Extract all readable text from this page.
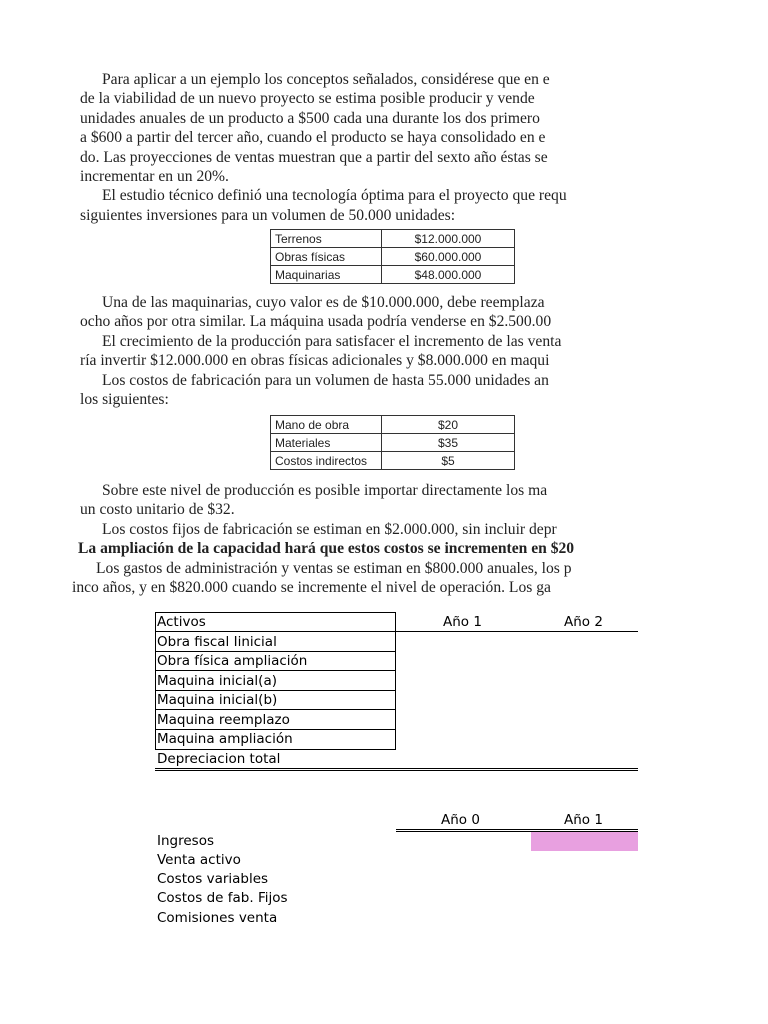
Para aplicar a un ejemplo los conceptos señalados, considérese que en e
de la viabilidad de un nuevo proyecto se estima posible producir y vende
unidades anuales de un producto a $500 cada una durante los dos primero
a $600 a partir del tercer año, cuando el producto se haya consolidado en e
do. Las proyecciones de ventas muestran que a partir del sexto año éstas se
incrementar en un 20%.
El estudio técnico definió una tecnología óptima para el proyecto que requ
siguientes inversiones para un volumen de 50.000 unidades:
Terrenos	$12.000.000
Obras físicas	$60.000.000
Maquinarias	$48.000.000
Una de las maquinarias, cuyo valor es de $10.000.000, debe reemplaza
ocho años por otra similar. La máquina usada podría venderse en $2.500.00
El crecimiento de la producción para satisfacer el incremento de las venta
ría invertir $12.000.000 en obras físicas adicionales y $8.000.000 en maqui
Los costos de fabricación para un volumen de hasta 55.000 unidades an
los siguientes:
Mano de obra	$20
Materiales	$35
Costos indirectos	$5
Sobre este nivel de producción es posible importar directamente los ma
un costo unitario de $32.
Los costos fijos de fabricación se estiman en $2.000.000, sin incluir depr
La ampliación de la capacidad hará que estos costos se incrementen en $20
Los gastos de administración y ventas se estiman en $800.000 anuales, los p
inco años, y en $820.000 cuando se incremente el nivel de operación. Los ga
Activos	Año 1	Año 2
Obra fiscal Iinicial
Obra física ampliación
Maquina inicial(a)
Maquina inicial(b)
Maquina reemplazo
Maquina ampliación
Depreciacion total
Año 0	Año 1
Ingresos
Venta activo
Costos variables
Costos de fab. Fijos
Comisiones venta
